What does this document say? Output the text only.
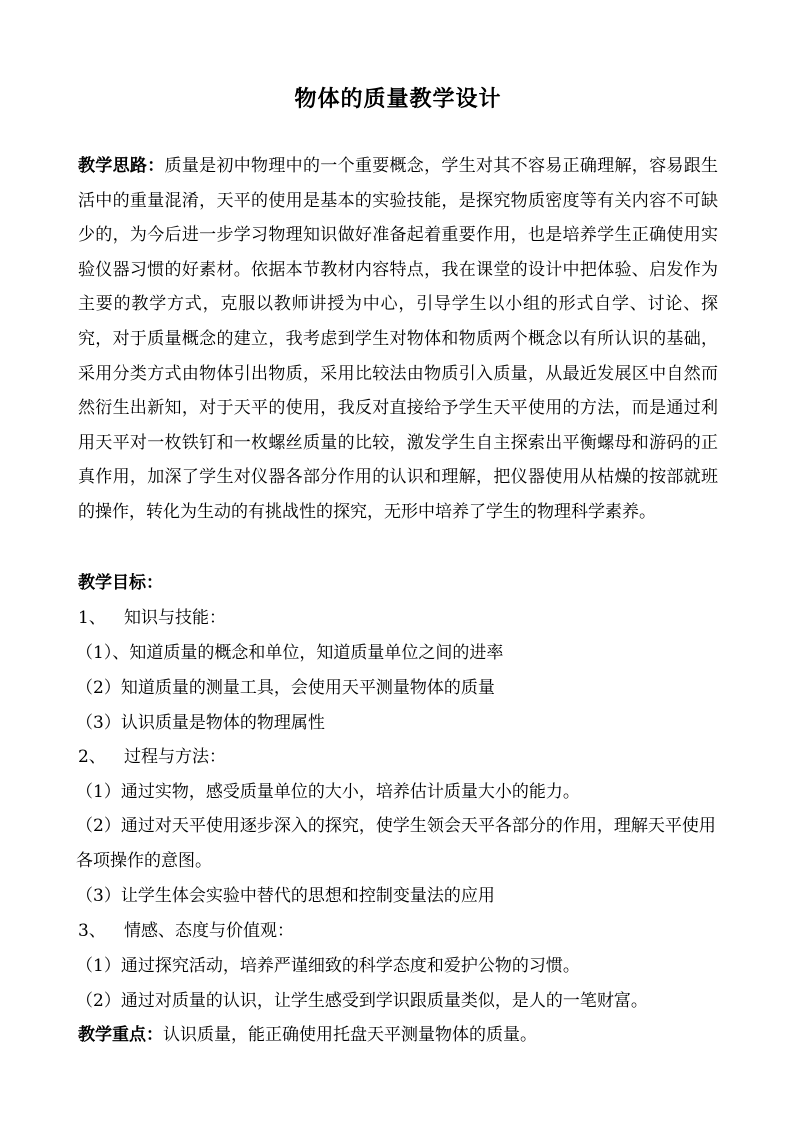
物体的质量教学设计

教学思路：质量是初中物理中的一个重要概念，学生对其不容易正确理解，容易跟生活中的重量混淆，天平的使用是基本的实验技能，是探究物质密度等有关内容不可缺少的，为今后进一步学习物理知识做好准备起着重要作用，也是培养学生正确使用实验仪器习惯的好素材。依据本节教材内容特点，我在课堂的设计中把体验、启发作为主要的教学方式，克服以教师讲授为中心，引导学生以小组的形式自学、讨论、探究，对于质量概念的建立，我考虑到学生对物体和物质两个概念以有所认识的基础，采用分类方式由物体引出物质，采用比较法由物质引入质量，从最近发展区中自然而然衍生出新知，对于天平的使用，我反对直接给予学生天平使用的方法，而是通过利用天平对一枚铁钉和一枚螺丝质量的比较，激发学生自主探索出平衡螺母和游码的正真作用，加深了学生对仪器各部分作用的认识和理解，把仪器使用从枯燥的按部就班的操作，转化为生动的有挑战性的探究，无形中培养了学生的物理科学素养。

教学目标：

1、 知识与技能：

（1）、知道质量的概念和单位，知道质量单位之间的进率

（2）知道质量的测量工具，会使用天平测量物体的质量

（3）认识质量是物体的物理属性

2、 过程与方法：

（1）通过实物，感受质量单位的大小，培养估计质量大小的能力。

（2）通过对天平使用逐步深入的探究，使学生领会天平各部分的作用，理解天平使用各项操作的意图。

（3）让学生体会实验中替代的思想和控制变量法的应用

3、 情感、态度与价值观：

（1）通过探究活动，培养严谨细致的科学态度和爱护公物的习惯。

（2）通过对质量的认识，让学生感受到学识跟质量类似，是人的一笔财富。

教学重点：认识质量，能正确使用托盘天平测量物体的质量。
